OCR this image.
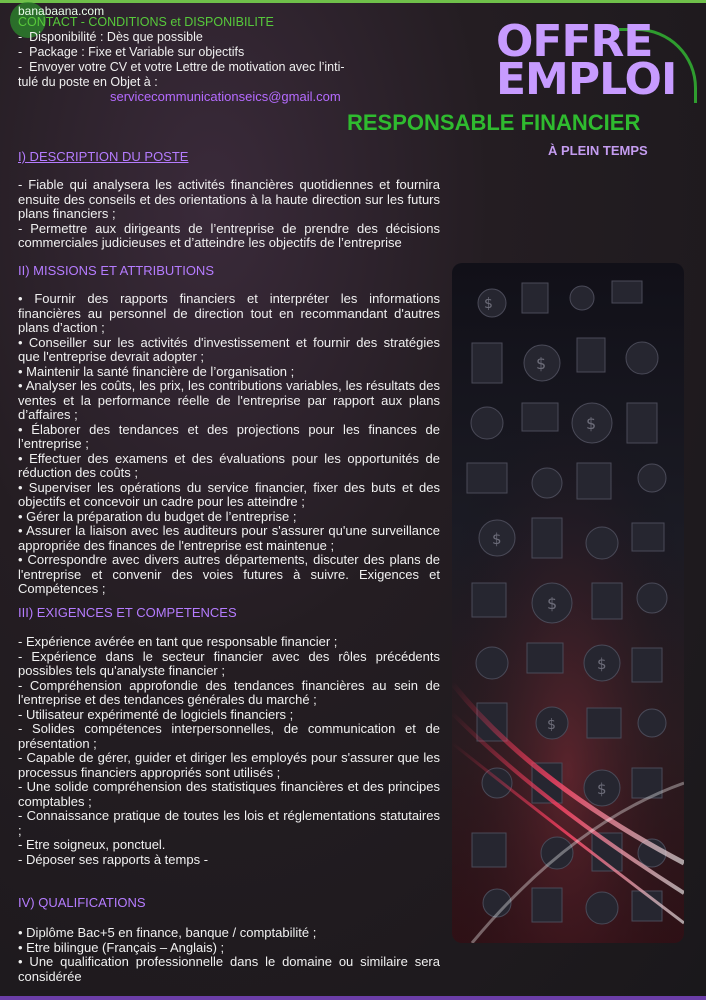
banabaana.com
CONTACT - CONDITIONS et DISPONIBILITE
-  Disponibilité : Dès que possible
-  Package : Fixe et Variable sur objectifs
-  Envoyer votre CV et votre Lettre de motivation avec l’inti-
tulé du poste en Objet à :
servicecommunicationseics@gmail.com
OFFRE
EMPLOI
RESPONSABLE FINANCIER
À PLEIN TEMPS
I) DESCRIPTION DU POSTE
- Fiable qui analysera les activités financières quotidiennes et fournira ensuite des conseils et des orientations à la haute direction sur les futurs plans financiers ;
- Permettre aux dirigeants de l’entreprise de prendre des décisions commerciales judicieuses et d’atteindre les objectifs de l’entreprise
II) MISSIONS ET ATTRIBUTIONS
• Fournir des rapports financiers et interpréter les informations financières au personnel de direction tout en recommandant d'autres plans d’action ;
• Conseiller sur les activités d'investissement et fournir des stratégies que l'entreprise devrait adopter ;
• Maintenir la santé financière de l’organisation ;
• Analyser les coûts, les prix, les contributions variables, les résultats des ventes et la performance réelle de l'entreprise par rapport aux plans d’affaires ;
• Élaborer des tendances et des projections pour les finances de l’entreprise ;
• Effectuer des examens et des évaluations pour les opportunités de réduction des coûts ;
• Superviser les opérations du service financier, fixer des buts et des objectifs et concevoir un cadre pour les atteindre ;
• Gérer la préparation du budget de l’entreprise ;
• Assurer la liaison avec les auditeurs pour s'assurer qu'une surveillance appropriée des finances de l'entreprise est maintenue ;
• Correspondre avec divers autres départements, discuter des plans de l'entreprise et convenir des voies futures à suivre. Exigences et Compétences ;
III) EXIGENCES ET COMPETENCES
- Expérience avérée en tant que responsable financier ;
- Expérience dans le secteur financier avec des rôles précédents possibles tels qu'analyste financier ;
- Compréhension approfondie des tendances financières au sein de l'entreprise et des tendances générales du marché ;
- Utilisateur expérimenté de logiciels financiers ;
- Solides compétences interpersonnelles, de communication et de présentation ;
- Capable de gérer, guider et diriger les employés pour s'assurer que les processus financiers appropriés sont utilisés ;
- Une solide compréhension des statistiques financières et des principes comptables ;
- Connaissance pratique de toutes les lois et réglementations statutaires ;
- Etre soigneux, ponctuel.
- Déposer ses rapports à temps -
IV) QUALIFICATIONS
• Diplôme Bac+5 en finance, banque / comptabilité ;
• Etre bilingue (Français – Anglais) ;
• Une qualification professionnelle dans le domaine ou similaire sera considérée
$
$
$
$
$
$
$
$
